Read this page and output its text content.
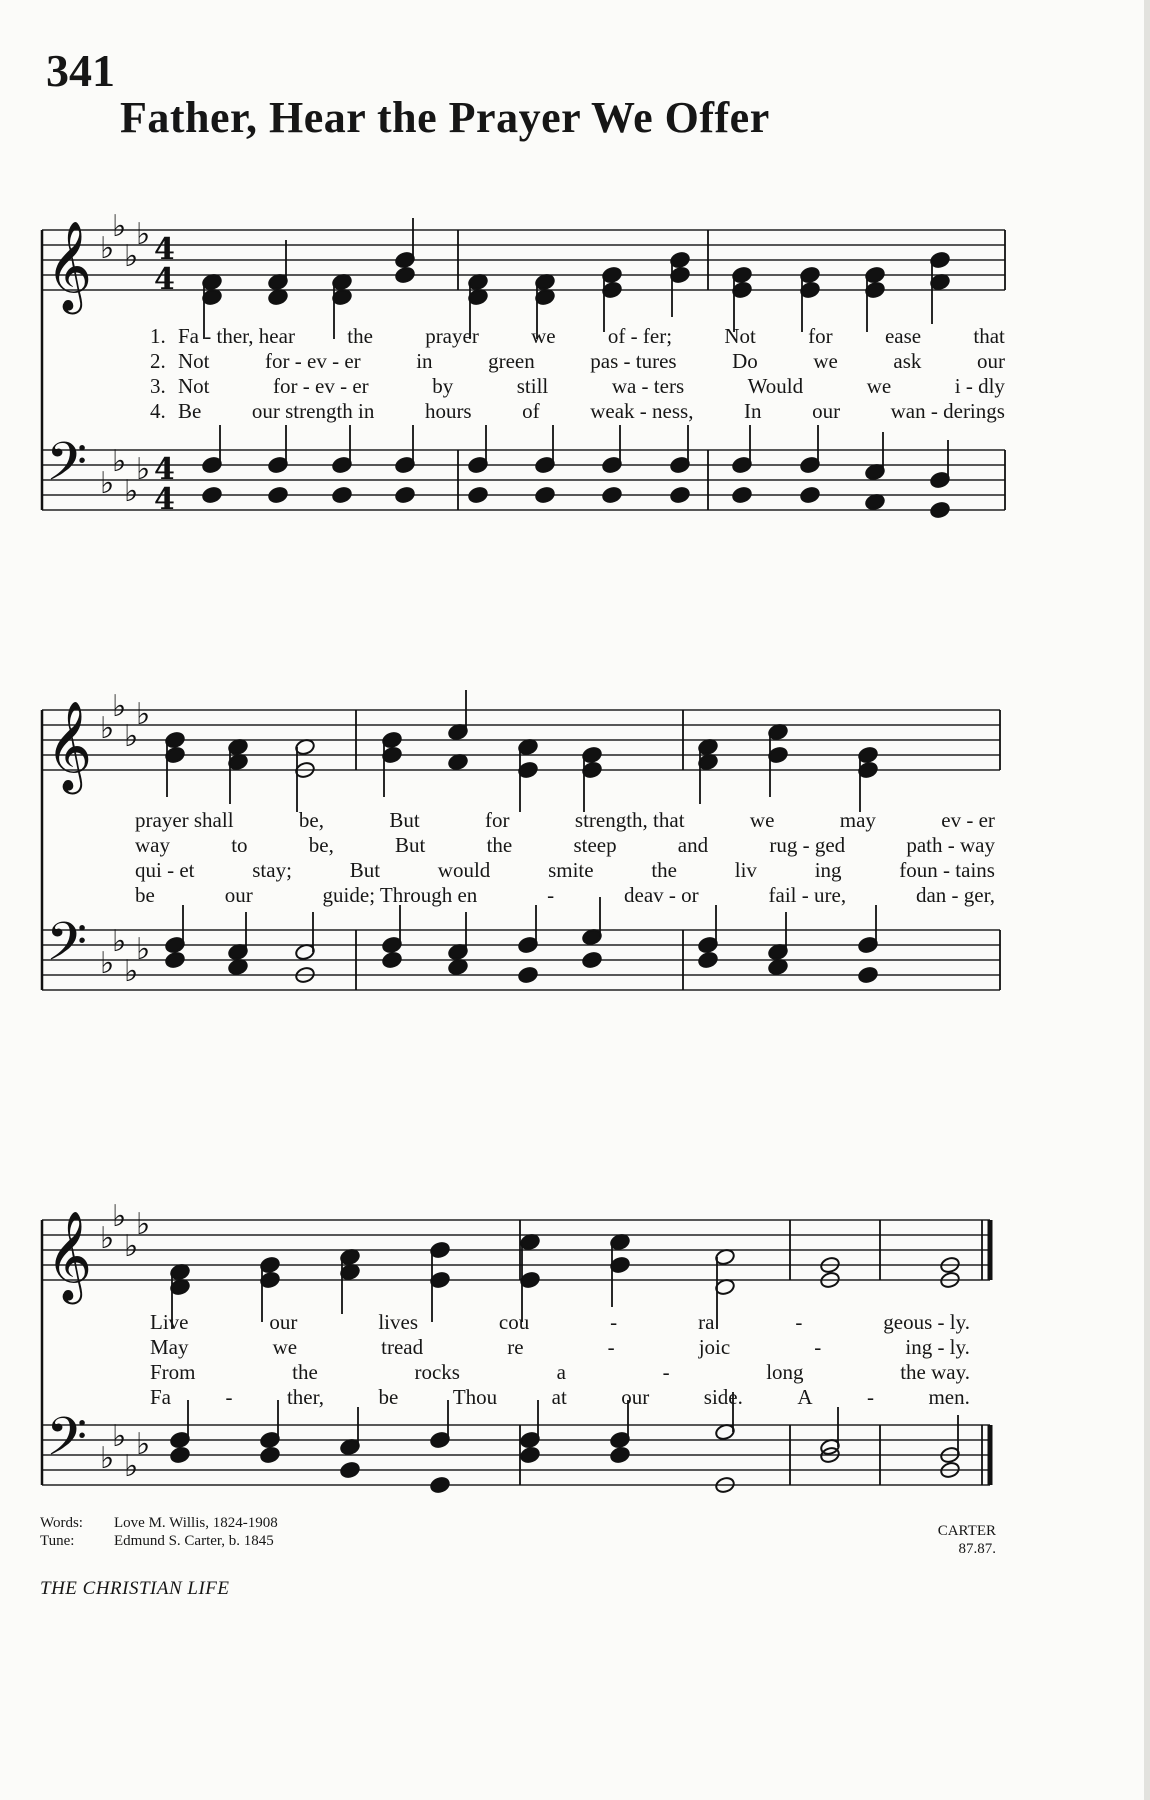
341
Father, Hear the Prayer We Offer
𝄞
𝄢
♭
♭
♭
♭
♭
♭
♭
♭
4
4
4
4
𝄞
𝄢
♭
♭
♭
♭
♭
♭
♭
♭
𝄞
𝄢
♭
♭
♭
♭
♭
♭
♭
♭
1. Fa - ther, hear the prayer we of - fer; Not for ease that
2. Not	for - ev - er	in	green	pas - tures	Do	we	ask	our
3. Not	for - ev - er	by	still	wa - ters	Would	we	i - dly
4. Be our strength in hours of weak - ness, In our wan - derings
prayer shall	be,	But	for	strength, that	we	may	ev - er
way	to	be,	But	the	steep	and	rug - ged	path - way
qui - et	stay;	But	would	smite	the	liv	ing	foun - tains
be	our	guide; Through en	-	deav - or	fail - ure,	dan - ger,
Live	our	lives	cou	-	ra	-	geous - ly.
May	we	tread	re	-	joic	-	ing - ly.
From	the	rocks	a	-	long	the way.
Fa	-	ther,	be	Thou	at	our	side.	A	-	men.
Words: Love M. Willis, 1824-1908
Tune:	Edmund S. Carter, b. 1845
CARTER
87.87.
THE CHRISTIAN LIFE
